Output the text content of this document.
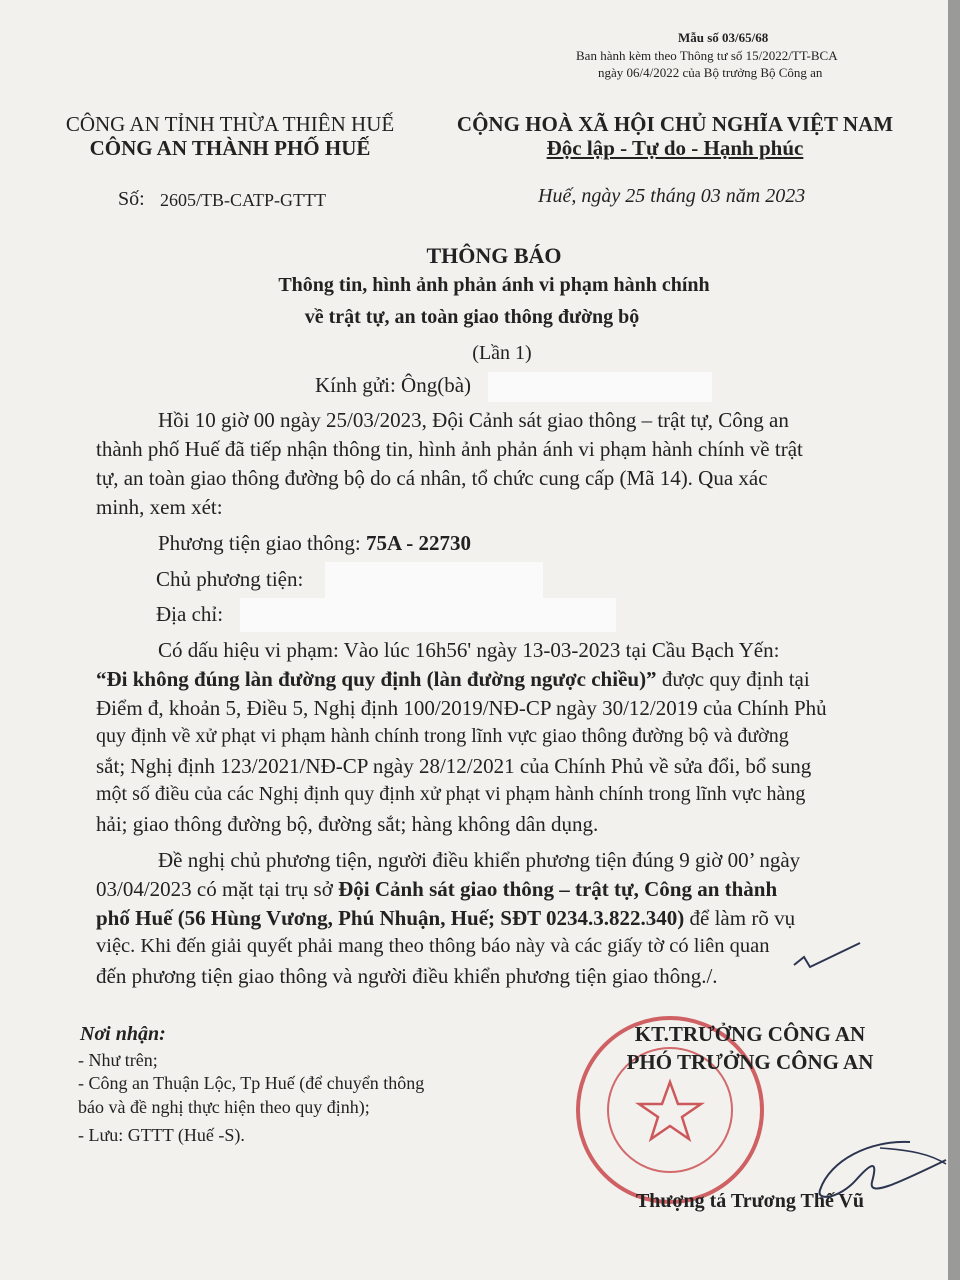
Mẫu số 03/65/68
Ban hành kèm theo Thông tư số 15/2022/TT-BCA
ngày 06/4/2022 của Bộ trưởng Bộ Công an
CÔNG AN TỈNH THỪA THIÊN HUẾ
CÔNG AN THÀNH PHỐ HUẾ
Số: 2605/TB-CATP-GTTT
CỘNG HOÀ XÃ HỘI CHỦ NGHĨA VIỆT NAM
Độc lập - Tự do - Hạnh phúc
Huế, ngày 25 tháng 03 năm 2023
THÔNG BÁO
Thông tin, hình ảnh phản ánh vi phạm hành chính
về trật tự, an toàn giao thông đường bộ
(Lần 1)
Kính gửi: Ông(bà)
Hồi 10 giờ 00 ngày 25/03/2023, Đội Cảnh sát giao thông – trật tự, Công an
thành phố Huế đã tiếp nhận thông tin, hình ảnh phản ánh vi phạm hành chính về trật
tự, an toàn giao thông đường bộ do cá nhân, tổ chức cung cấp (Mã 14). Qua xác
minh, xem xét:
Phương tiện giao thông: 75A - 22730
Chủ phương tiện:
Địa chỉ:
Có dấu hiệu vi phạm: Vào lúc 16h56' ngày 13-03-2023 tại Cầu Bạch Yến:
“Đi không đúng làn đường quy định (làn đường ngược chiều)” được quy định tại
Điểm đ, khoản 5, Điều 5, Nghị định 100/2019/NĐ-CP ngày 30/12/2019 của Chính Phủ
quy định về xử phạt vi phạm hành chính trong lĩnh vực giao thông đường bộ và đường
sắt; Nghị định 123/2021/NĐ-CP ngày 28/12/2021 của Chính Phủ về sửa đổi, bổ sung
một số điều của các Nghị định quy định xử phạt vi phạm hành chính trong lĩnh vực hàng
hải; giao thông đường bộ, đường sắt; hàng không dân dụng.
Đề nghị chủ phương tiện, người điều khiển phương tiện đúng 9 giờ 00’ ngày
03/04/2023 có mặt tại trụ sở Đội Cảnh sát giao thông – trật tự, Công an thành
phố Huế (56 Hùng Vương, Phú Nhuận, Huế; SĐT 0234.3.822.340) để làm rõ vụ
việc. Khi đến giải quyết phải mang theo thông báo này và các giấy tờ có liên quan
đến phương tiện giao thông và người điều khiển phương tiện giao thông./.
Nơi nhận:
- Như trên;
- Công an Thuận Lộc, Tp Huế (để chuyển thông
báo và đề nghị thực hiện theo quy định);
- Lưu: GTTT (Huế -S).
KT.TRƯỞNG CÔNG AN
PHÓ TRƯỞNG CÔNG AN
Thượng tá Trương Thế Vũ
